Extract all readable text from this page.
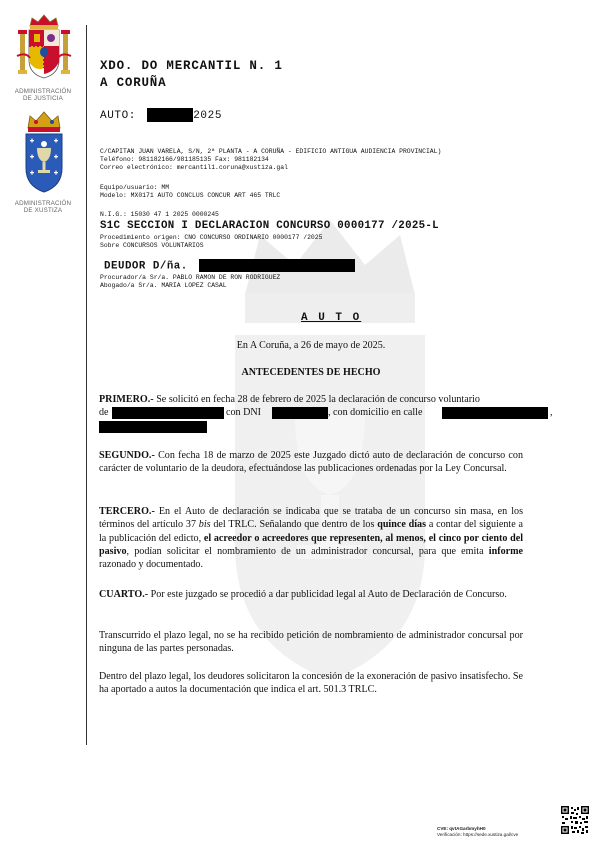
ADMINISTRACIÓN
DE JUSTICIA
ADMINISTRACIÓN
DE XUSTIZA
XDO. DO MERCANTIL N. 1
A CORUÑA
AUTO:	2025
C/CAPITAN JUAN VARELA, S/N, 2ª PLANTA - A CORUÑA - EDIFICIO ANTIGUA AUDIENCIA PROVINCIAL)
Teléfono: 981182166/981185135 Fax: 981182134
Correo electrónico: mercantil1.coruna@xustiza.gal
Equipo/usuario: MM
Modelo: MX0171 AUTO CONCLUS CONCUR ART 465 TRLC
N.I.G.: 15030 47 1 2025 0000245
S1C SECCION I DECLARACION CONCURSO 0000177 /2025-L
Procedimiento origen: CNO CONCURSO ORDINARIO 0000177 /2025
Sobre CONCURSOS VOLUNTARIOS
DEUDOR D/ña.
Procurador/a Sr/a. PABLO RAMON DE RON RODRIGUEZ
Abogado/a Sr/a. MARIA LOPEZ CASAL
A U T O
En A Coruña, a 26 de mayo de 2025.
ANTECEDENTES DE HECHO
PRIMERO.- Se solicitó en fecha 28 de febrero de 2025 la declaración de concurso voluntario
de	con DNI	, con domicilio en calle	,
SEGUNDO.- Con fecha 18 de marzo de 2025 este Juzgado dictó auto de declaración de concurso con carácter de voluntario de la deudora, efectuándose las publicaciones ordenadas por la Ley Concursal.
TERCERO.- En el Auto de declaración se indicaba que se trataba de un concurso sin masa, en los términos del artículo 37 bis del TRLC. Señalando que dentro de los quince días a contar del siguiente a la publicación del edicto, el acreedor o acreedores que representen, al menos, el cinco por ciento del pasivo, podían solicitar el nombramiento de un administrador concursal, para que emita informe razonado y documentado.
CUARTO.- Por este juzgado se procedió a dar publicidad legal al Auto de Declaración de Concurso.
Transcurrido el plazo legal, no se ha recibido petición de nombramiento de administrador concursal por ninguna de las partes personadas.
Dentro del plazo legal, los deudores solicitaron la concesión de la exoneración de pasivo insatisfecho. Se ha aportado a autos la documentación que indica el art. 501.3 TRLC.
CVE: qvtAGarbmyhH0
Verificación: https://sede.xustiza.gal/cve
